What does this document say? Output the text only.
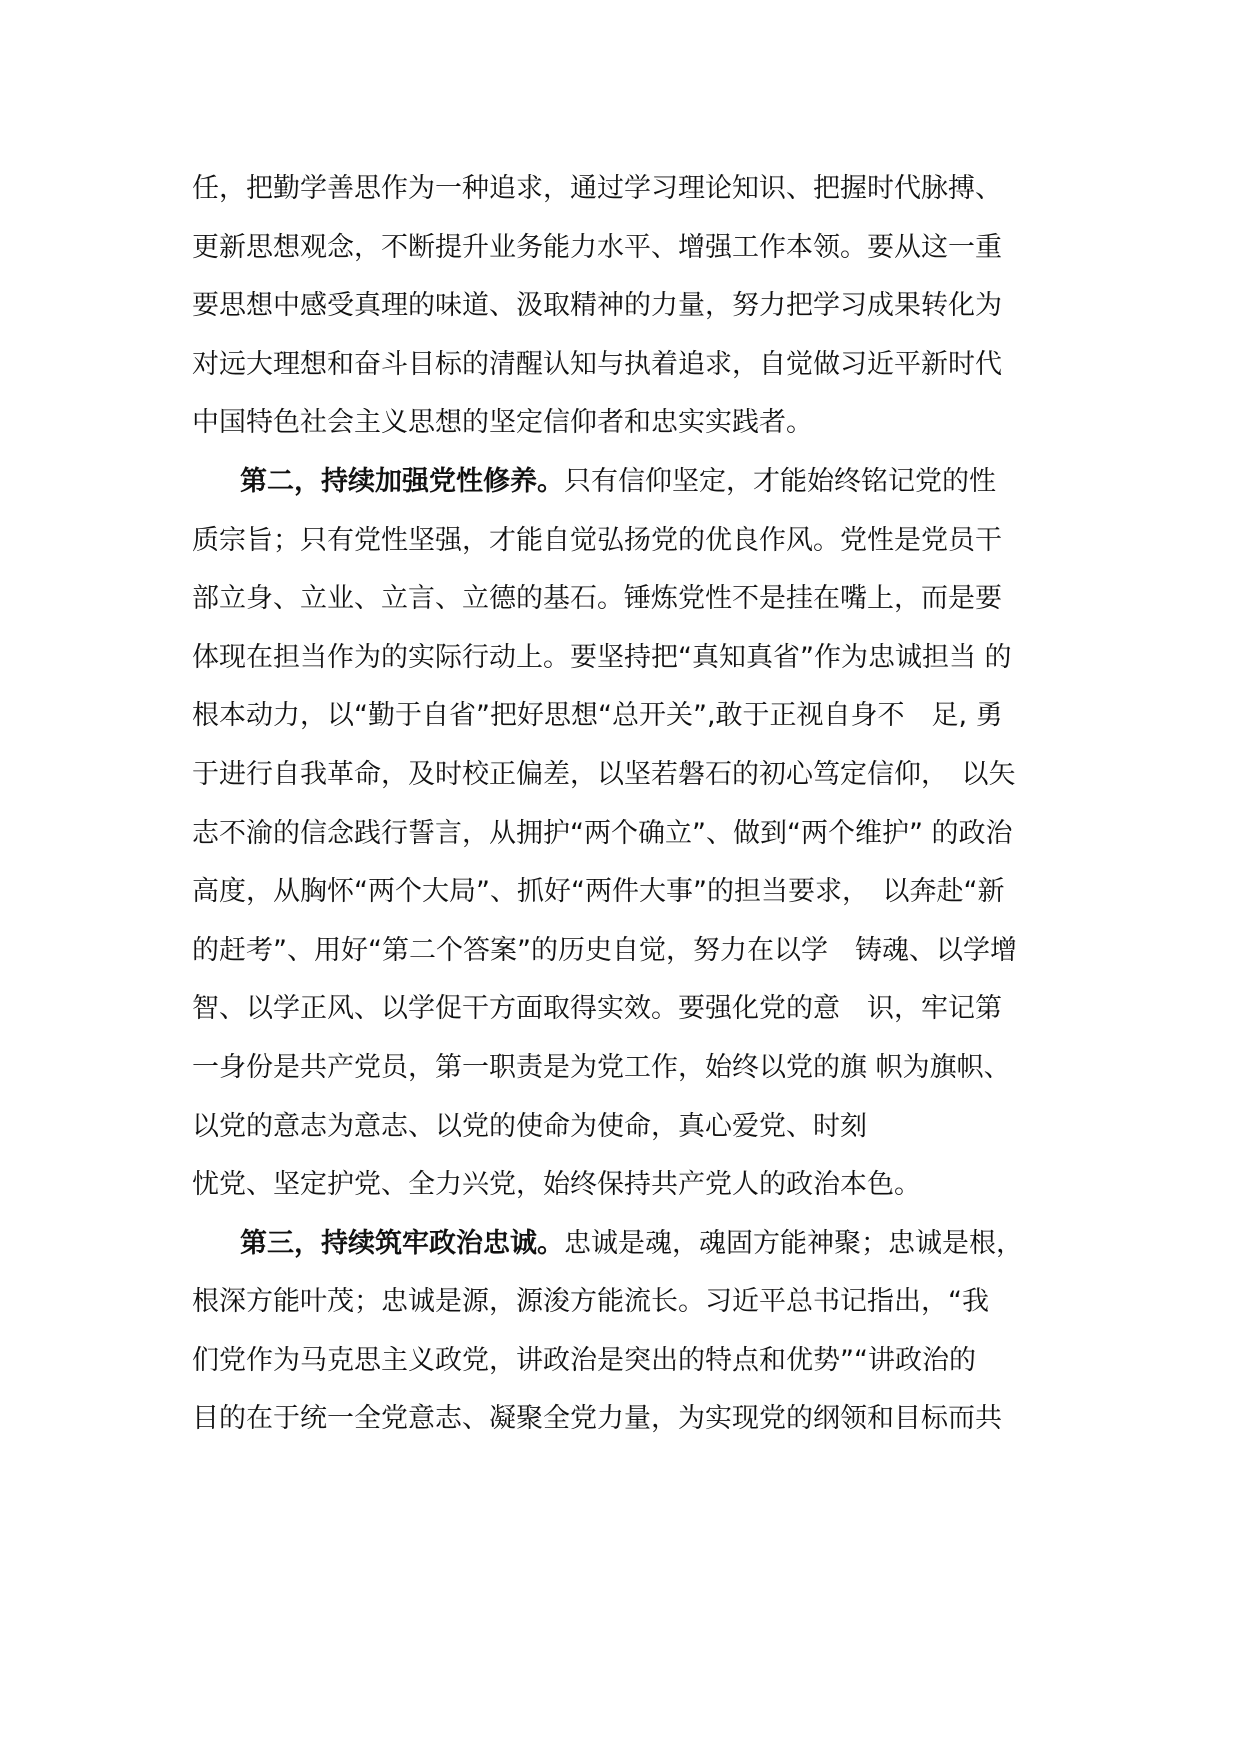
任，把勤学善思作为一种追求，通过学习理论知识、把握时代脉搏、
更新思想观念，不断提升业务能力水平、增强工作本领。要从这一重
要思想中感受真理的味道、汲取精神的力量，努力把学习成果转化为
对远大理想和奋斗目标的清醒认知与执着追求，自觉做习近平新时代
中国特色社会主义思想的坚定信仰者和忠实实践者。
第二，持续加强党性修养。只有信仰坚定，才能始终铭记党的性
质宗旨；只有党性坚强，才能自觉弘扬党的优良作风。党性是党员干
部立身、立业、立言、立德的基石。锤炼党性不是挂在嘴上，而是要
体现在担当作为的实际行动上。要坚持把“真知真省”作为忠诚担当 的
根本动力，以“勤于自省”把好思想“总开关”,敢于正视自身不　足, 勇
于进行自我革命，及时校正偏差，以坚若磐石的初心笃定信仰，　以矢
志不渝的信念践行誓言，从拥护“两个确立”、做到“两个维护” 的政治
高度，从胸怀“两个大局”、抓好“两件大事”的担当要求，　以奔赴“新
的赶考”、用好“第二个答案”的历史自觉，努力在以学　铸魂、以学增
智、以学正风、以学促干方面取得实效。要强化党的意　识，牢记第
一身份是共产党员，第一职责是为党工作，始终以党的旗 帜为旗帜、
以党的意志为意志、以党的使命为使命，真心爱党、时刻
忧党、坚定护党、全力兴党，始终保持共产党人的政治本色。
第三，持续筑牢政治忠诚。忠诚是魂，魂固方能神聚；忠诚是根，
根深方能叶茂；忠诚是源，源浚方能流长。习近平总书记指出，“我
们党作为马克思主义政党，讲政治是突出的特点和优势”“讲政治的
目的在于统一全党意志、凝聚全党力量，为实现党的纲领和目标而共
